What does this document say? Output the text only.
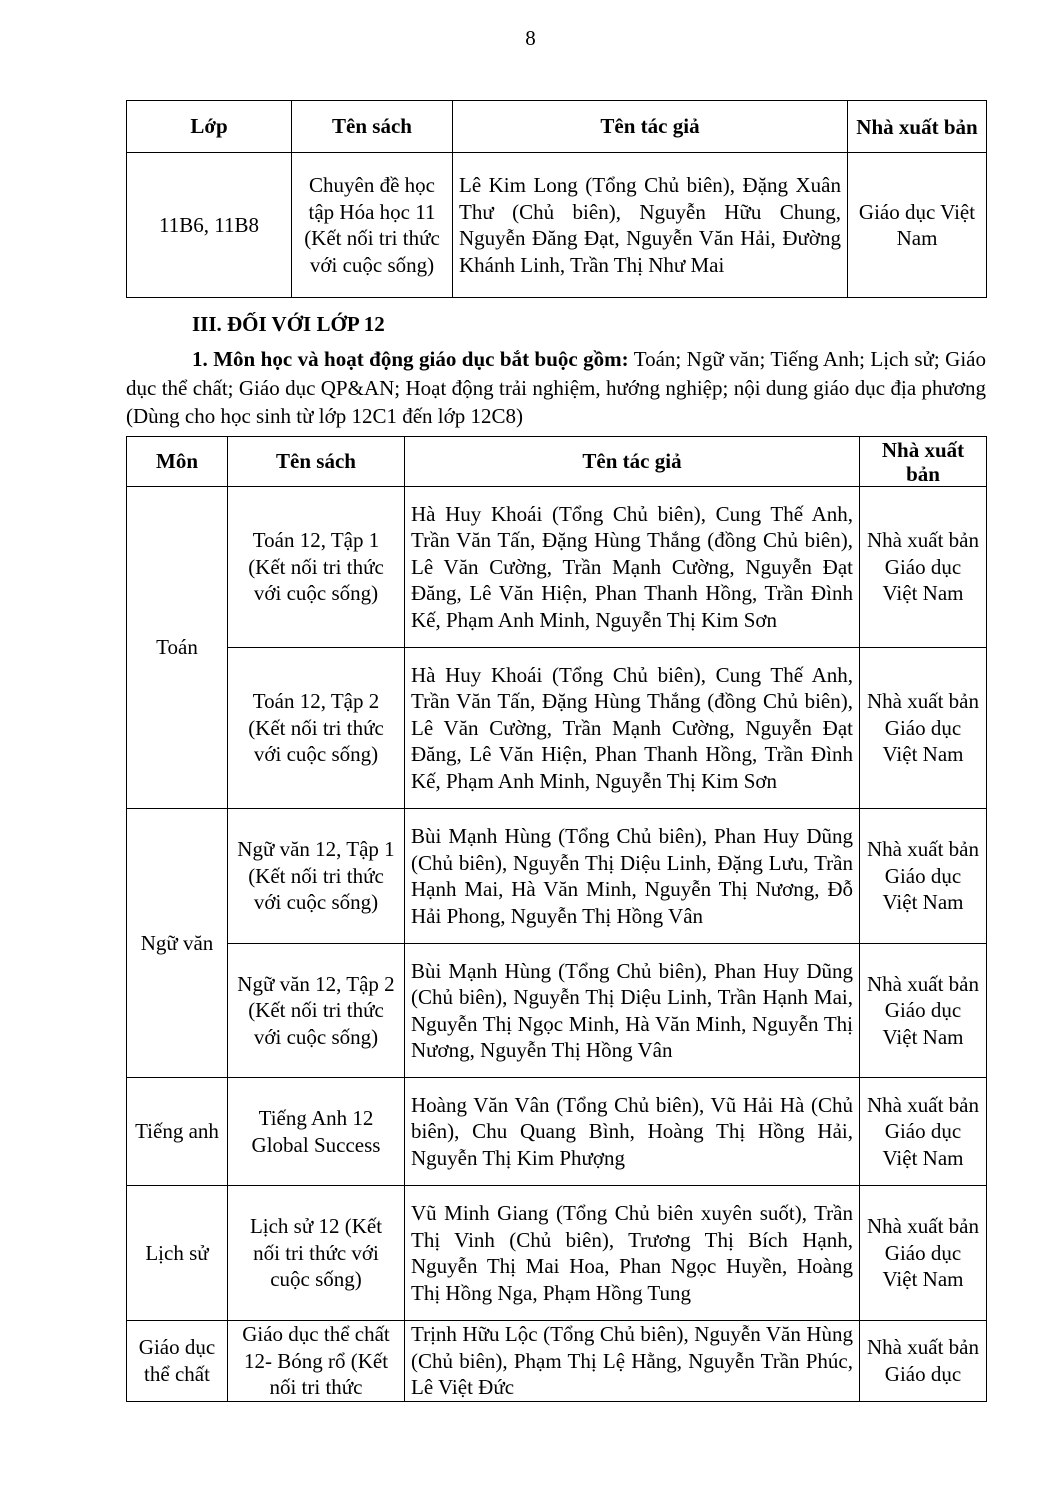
8
Lớp	Tên sách	Tên tác giả	Nhà xuất bản
11B6, 11B8	Chuyên đề học tập Hóa học 11 (Kết nối tri thức với cuộc sống)	Lê Kim Long (Tổng Chủ biên), Đặng Xuân Thư (Chủ biên), Nguyễn Hữu Chung, Nguyễn Đăng Đạt, Nguyễn Văn Hải, Đường Khánh Linh, Trần Thị Như Mai	Giáo dục Việt Nam
III. ĐỐI VỚI LỚP 12
1. Môn học và hoạt động giáo dục bắt buộc gồm: Toán; Ngữ văn; Tiếng Anh; Lịch sử; Giáo dục thể chất; Giáo dục QP&AN; Hoạt động trải nghiệm, hướng nghiệp; nội dung giáo dục địa phương (Dùng cho học sinh từ lớp 12C1 đến lớp 12C8)
Môn	Tên sách	Tên tác giả	Nhà xuất bản
Toán	Toán 12, Tập 1 (Kết nối tri thức với cuộc sống)	Hà Huy Khoái (Tổng Chủ biên), Cung Thế Anh, Trần Văn Tấn, Đặng Hùng Thắng (đồng Chủ biên), Lê Văn Cường, Trần Mạnh Cường, Nguyễn Đạt Đăng, Lê Văn Hiện, Phan Thanh Hồng, Trần Đình Kế, Phạm Anh Minh, Nguyễn Thị Kim Sơn	Nhà xuất bản Giáo dục Việt Nam
	Toán 12, Tập 2 (Kết nối tri thức với cuộc sống)	Hà Huy Khoái (Tổng Chủ biên), Cung Thế Anh, Trần Văn Tấn, Đặng Hùng Thắng (đồng Chủ biên), Lê Văn Cường, Trần Mạnh Cường, Nguyễn Đạt Đăng, Lê Văn Hiện, Phan Thanh Hồng, Trần Đình Kế, Phạm Anh Minh, Nguyễn Thị Kim Sơn	Nhà xuất bản Giáo dục Việt Nam
Ngữ văn	Ngữ văn 12, Tập 1 (Kết nối tri thức với cuộc sống)	Bùi Mạnh Hùng (Tổng Chủ biên), Phan Huy Dũng (Chủ biên), Nguyễn Thị Diệu Linh, Đặng Lưu, Trần Hạnh Mai, Hà Văn Minh, Nguyễn Thị Nương, Đỗ Hải Phong, Nguyễn Thị Hồng Vân	Nhà xuất bản Giáo dục Việt Nam
	Ngữ văn 12, Tập 2 (Kết nối tri thức với cuộc sống)	Bùi Mạnh Hùng (Tổng Chủ biên), Phan Huy Dũng (Chủ biên), Nguyễn Thị Diệu Linh, Trần Hạnh Mai, Nguyễn Thị Ngọc Minh, Hà Văn Minh, Nguyễn Thị Nương, Nguyễn Thị Hồng Vân	Nhà xuất bản Giáo dục Việt Nam
Tiếng anh	Tiếng Anh 12 Global Success	Hoàng Văn Vân (Tổng Chủ biên), Vũ Hải Hà (Chủ biên), Chu Quang Bình, Hoàng Thị Hồng Hải, Nguyễn Thị Kim Phượng	Nhà xuất bản Giáo dục Việt Nam
Lịch sử	Lịch sử 12 (Kết nối tri thức với cuộc sống)	Vũ Minh Giang (Tổng Chủ biên xuyên suốt), Trần Thị Vinh (Chủ biên), Trương Thị Bích Hạnh, Nguyễn Thị Mai Hoa, Phan Ngọc Huyền, Hoàng Thị Hồng Nga, Phạm Hồng Tung	Nhà xuất bản Giáo dục Việt Nam
Giáo dục thể chất	Giáo dục thể chất 12- Bóng rổ (Kết nối tri thức	Trịnh Hữu Lộc (Tổng Chủ biên), Nguyễn Văn Hùng (Chủ biên), Phạm Thị Lệ Hằng, Nguyễn Trần Phúc, Lê Việt Đức	Nhà xuất bản Giáo dục
